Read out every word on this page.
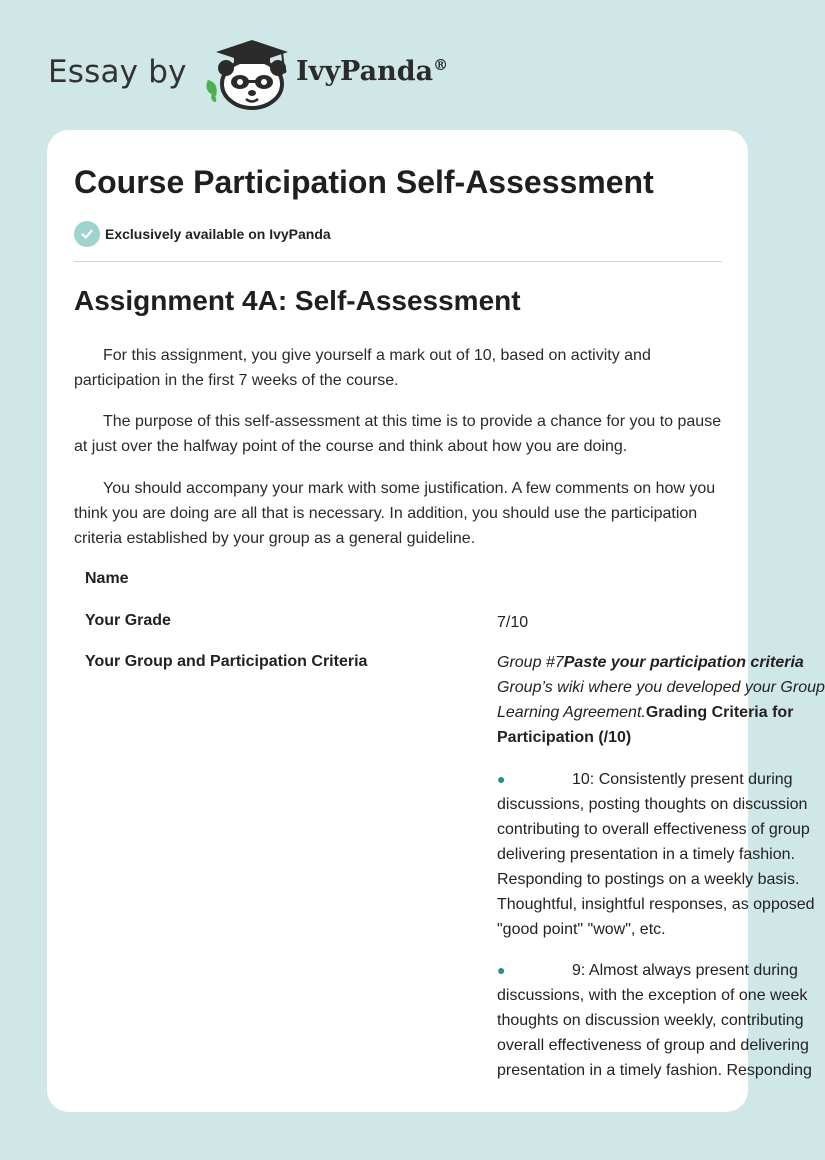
Essay by	IvyPanda®
Course Participation Self-Assessment
Exclusively available on IvyPanda
Assignment 4A: Self-Assessment

For this assignment, you give yourself a mark out of 10, based on activity and participation in the first 7 weeks of the course.

The purpose of this self-assessment at this time is to provide a chance for you to pause at just over the halfway point of the course and think about how you are doing.

You should accompany your mark with some justification. A few comments on how you think you are doing are all that is necessary. In addition, you should use the participation criteria established by your group as a general guideline.

Name
Your Grade	7/10
Your Group and Participation Criteria	Group #7Paste your participation criteria
Group’s wiki where you developed your Group
Learning Agreement.Grading Criteria for
Participation (/10)
●	10: Consistently present during
discussions, posting thoughts on discussion
contributing to overall effectiveness of group
delivering presentation in a timely fashion.
Responding to postings on a weekly basis.
Thoughtful, insightful responses, as opposed
"good point" "wow", etc.
●	9: Almost always present during
discussions, with the exception of one week
thoughts on discussion weekly, contributing
overall effectiveness of group and delivering
presentation in a timely fashion. Responding
